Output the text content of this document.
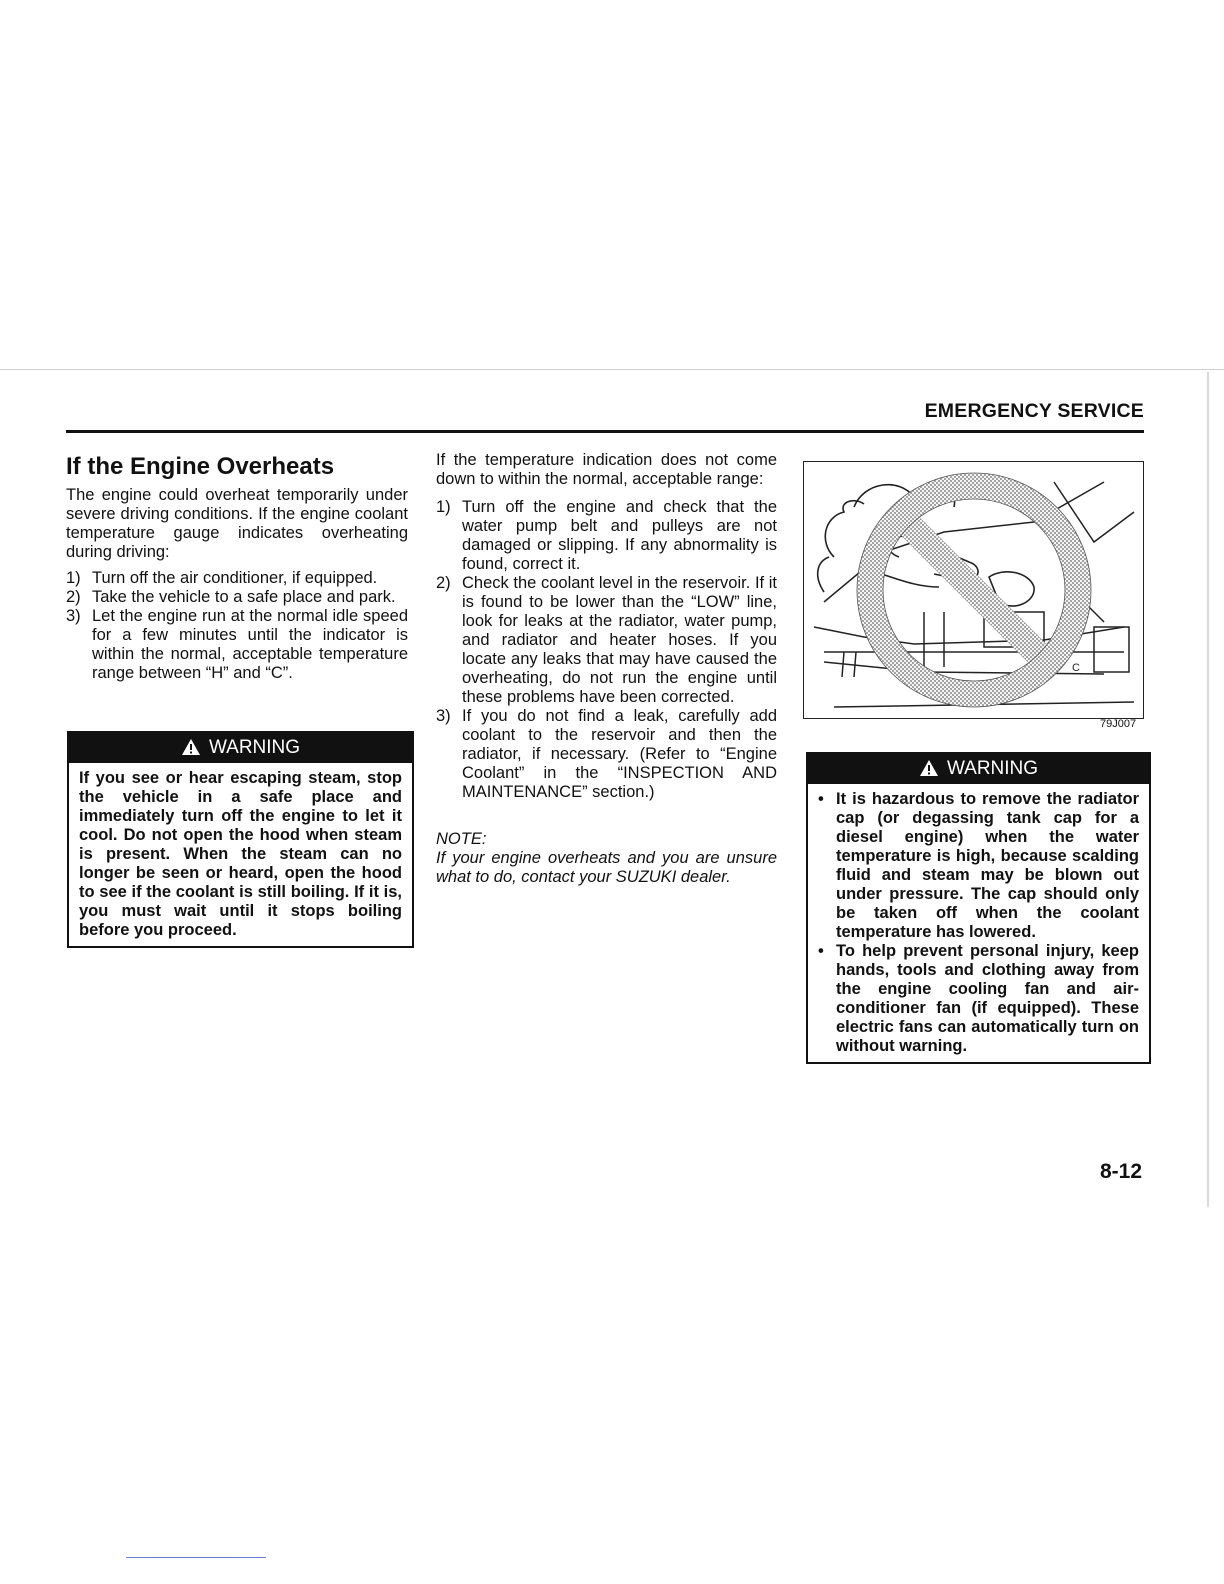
EMERGENCY SERVICE
If the Engine Overheats

The engine could overheat temporarily under severe driving conditions. If the engine coolant temperature gauge indicates overheating during driving:

1) Turn off the air conditioner, if equipped.
2) Take the vehicle to a safe place and park.
3) Let the engine run at the normal idle speed for a few minutes until the indicator is within the normal, acceptable temperature range between “H” and “C”.
WARNING
If you see or hear escaping steam, stop the vehicle in a safe place and immediately turn off the engine to let it cool. Do not open the hood when steam is present. When the steam can no longer be seen or heard, open the hood to see if the coolant is still boiling. If it is, you must wait until it stops boiling before you proceed.

If the temperature indication does not come down to within the normal, acceptable range:

1) Turn off the engine and check that the water pump belt and pulleys are not damaged or slipping. If any abnormality is found, correct it.
2) Check the coolant level in the reservoir. If it is found to be lower than the “LOW” line, look for leaks at the radiator, water pump, and radiator and heater hoses. If you locate any leaks that may have caused the overheating, do not run the engine until these problems have been corrected.
3) If you do not find a leak, carefully add coolant to the reservoir and then the radiator, if necessary. (Refer to “Engine Coolant” in the “INSPECTION AND MAINTENANCE” section.)

NOTE:

If your engine overheats and you are unsure what to do, contact your SUZUKI dealer.

C
79J007
WARNING
• It is hazardous to remove the radiator cap (or degassing tank cap for a diesel engine) when the water temperature is high, because scalding fluid and steam may be blown out under pressure. The cap should only be taken off when the coolant temperature has lowered.
• To help prevent personal injury, keep hands, tools and clothing away from the engine cooling fan and air-conditioner fan (if equipped). These electric fans can automatically turn on without warning.
8-12
